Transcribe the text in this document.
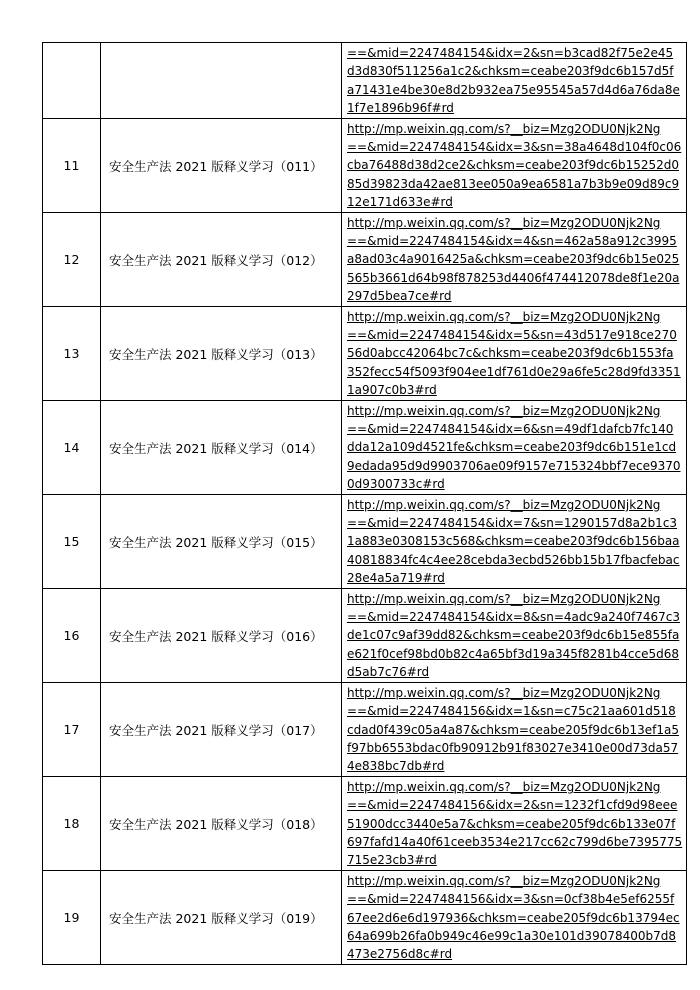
		==&mid=2247484154&idx=2&sn=b3cad82f75e2e45
d3d830f511256a1c2&chksm=ceabe203f9dc6b157d5f
a71431e4be30e8d2b932ea75e95545a57d4d6a76da8e
1f7e1896b96f#rd

11	安全生产法 2021 版释义学习（011）	http://mp.weixin.qq.com/s?__biz=Mzg2ODU0Njk2Ng
==&mid=2247484154&idx=3&sn=38a4648d104f0c06
cba76488d38d2ce2&chksm=ceabe203f9dc6b15252d0
85d39823da42ae813ee050a9ea6581a7b3b9e09d89c9
12e171d633e#rd

12	安全生产法 2021 版释义学习（012）	http://mp.weixin.qq.com/s?__biz=Mzg2ODU0Njk2Ng
==&mid=2247484154&idx=4&sn=462a58a912c3995
a8ad03c4a9016425a&chksm=ceabe203f9dc6b15e025
565b3661d64b98f878253d4406f474412078de8f1e20a
297d5bea7ce#rd

13	安全生产法 2021 版释义学习（013）	http://mp.weixin.qq.com/s?__biz=Mzg2ODU0Njk2Ng
==&mid=2247484154&idx=5&sn=43d517e918ce270
56d0abcc42064bc7c&chksm=ceabe203f9dc6b1553fa
352fecc54f5093f904ee1df761d0e29a6fe5c28d9fd3351
1a907c0b3#rd

14	安全生产法 2021 版释义学习（014）	http://mp.weixin.qq.com/s?__biz=Mzg2ODU0Njk2Ng
==&mid=2247484154&idx=6&sn=49df1dafcb7fc140
dda12a109d4521fe&chksm=ceabe203f9dc6b151e1cd
9edada95d9d9903706ae09f9157e715324bbf7ece9370
0d9300733c#rd

15	安全生产法 2021 版释义学习（015）	http://mp.weixin.qq.com/s?__biz=Mzg2ODU0Njk2Ng
==&mid=2247484154&idx=7&sn=1290157d8a2b1c3
1a883e0308153c568&chksm=ceabe203f9dc6b156baa
40818834fc4c4ee28cebda3ecbd526bb15b17fbacfebac
28e4a5a719#rd

16	安全生产法 2021 版释义学习（016）	http://mp.weixin.qq.com/s?__biz=Mzg2ODU0Njk2Ng
==&mid=2247484154&idx=8&sn=4adc9a240f7467c3
de1c07c9af39dd82&chksm=ceabe203f9dc6b15e855fa
e621f0cef98bd0b82c4a65bf3d19a345f8281b4cce5d68
d5ab7c76#rd

17	安全生产法 2021 版释义学习（017）	http://mp.weixin.qq.com/s?__biz=Mzg2ODU0Njk2Ng
==&mid=2247484156&idx=1&sn=c75c21aa601d518
cdad0f439c05a4a87&chksm=ceabe205f9dc6b13ef1a5
f97bb6553bdac0fb90912b91f83027e3410e00d73da57
4e838bc7db#rd

18	安全生产法 2021 版释义学习（018）	http://mp.weixin.qq.com/s?__biz=Mzg2ODU0Njk2Ng
==&mid=2247484156&idx=2&sn=1232f1cfd9d98eee
51900dcc3440e5a7&chksm=ceabe205f9dc6b133e07f
697fafd14a40f61ceeb3534e217cc62c799d6be7395775
715e23cb3#rd

19	安全生产法 2021 版释义学习（019）	http://mp.weixin.qq.com/s?__biz=Mzg2ODU0Njk2Ng
==&mid=2247484156&idx=3&sn=0cf38b4e5ef6255f
67ee2d6e6d197936&chksm=ceabe205f9dc6b13794ec
64a699b26fa0b949c46e99c1a30e101d39078400b7d8
473e2756d8c#rd
